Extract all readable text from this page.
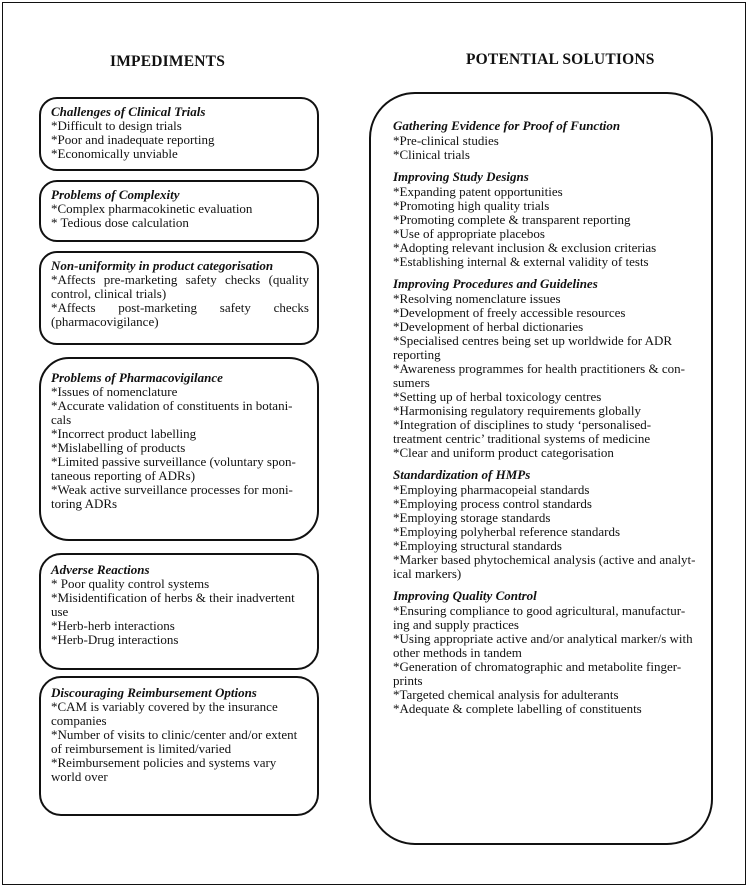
IMPEDIMENTS	POTENTIAL SOLUTIONS
Challenges of Clinical Trials
*Difficult to design trials
*Poor and inadequate reporting
*Economically unviable
Problems of Complexity
*Complex pharmacokinetic evaluation
* Tedious dose calculation
Non-uniformity in product categorisation
*Affects pre-marketing safety checks (quality control, clinical trials)
*Affects post-marketing safety checks (pharmacovigilance)
Problems of Pharmacovigilance
*Issues of nomenclature
*Accurate validation of constituents in botani-cals
*Incorrect product labelling
*Mislabelling of products
*Limited passive surveillance (voluntary spon-taneous reporting of ADRs)
*Weak active surveillance processes for moni-toring ADRs
Adverse Reactions
* Poor quality control systems
*Misidentification of herbs & their inadvertent use
*Herb-herb interactions
*Herb-Drug interactions
Discouraging Reimbursement Options
*CAM is variably covered by the insurance companies
*Number of visits to clinic/center and/or extent of reimbursement is limited/varied
*Reimbursement policies and systems vary world over
Gathering Evidence for Proof of Function
*Pre-clinical studies
*Clinical trials
Improving Study Designs
*Expanding patent opportunities
*Promoting high quality trials
*Promoting complete & transparent reporting
*Use of appropriate placebos
*Adopting relevant inclusion & exclusion criterias
*Establishing internal & external validity of tests
Improving Procedures and Guidelines
*Resolving nomenclature issues
*Development of freely accessible resources
*Development of herbal dictionaries
*Specialised centres being set up worldwide for ADR reporting
*Awareness programmes for health practitioners & con-sumers
*Setting up of herbal toxicology centres
*Harmonising regulatory requirements globally
*Integration of disciplines to study ‘personalised-treatment centric’ traditional systems of medicine
*Clear and uniform product categorisation
Standardization of HMPs
*Employing pharmacopeial standards
*Employing process control standards
*Employing storage standards
*Employing polyherbal reference standards
*Employing structural standards
*Marker based phytochemical analysis (active and analyt-ical markers)
Improving Quality Control
*Ensuring compliance to good agricultural, manufactur-ing and supply practices
*Using appropriate active and/or analytical marker/s with other methods in tandem
*Generation of chromatographic and metabolite finger-prints
*Targeted chemical analysis for adulterants
*Adequate & complete labelling of constituents
